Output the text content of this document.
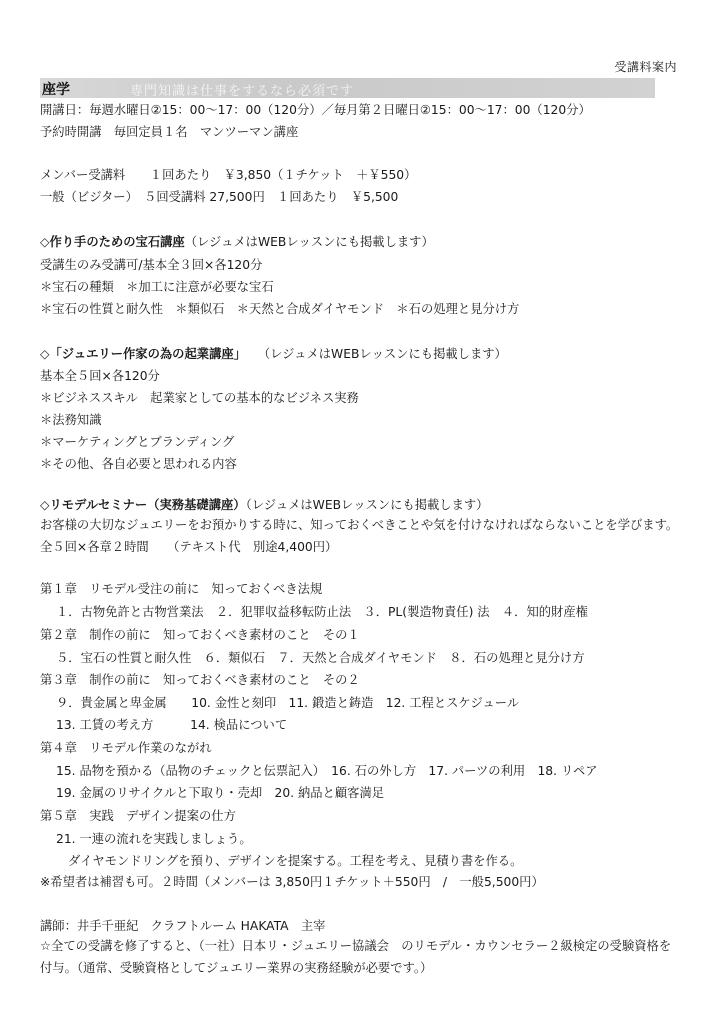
受講料案内
座学	専門知識は仕事をするなら必須です
開講日：毎週水曜日②15：00〜17：00（120分）／毎月第２日曜日②15：00〜17：00（120分）
予約時開講　毎回定員１名　マンツーマン講座
メンバー受講料　　１回あたり　￥3,850（１チケット　＋￥550）
一般（ビジター）　５回受講料 27,500円　１回あたり　￥5,500
◇作り手のための宝石講座（レジュメはWEBレッスンにも掲載します）
受講生のみ受講可/基本全３回×各120分
＊宝石の種類　＊加工に注意が必要な宝石
＊宝石の性質と耐久性　＊類似石　＊天然と合成ダイヤモンド　＊石の処理と見分け方
◇「ジュエリー作家の為の起業講座」 （レジュメはWEBレッスンにも掲載します）
基本全５回×各120分
＊ビジネススキル　起業家としての基本的なビジネス実務
＊法務知識
＊マーケティングとブランディング
＊その他、各自必要と思われる内容
◇リモデルセミナー（実務基礎講座）（レジュメはWEBレッスンにも掲載します）
お客様の大切なジュエリーをお預かりする時に、知っておくべきことや気を付けなければならないことを学びます。全５回×各章２時間　　（テキスト代　別途4,400円）
第１章　リモデル受注の前に　知っておくべき法規
１．古物免許と古物営業法　２．犯罪収益移転防止法　３．PL(製造物責任) 法　４．知的財産権
第２章　制作の前に　知っておくべき素材のこと　その１
５．宝石の性質と耐久性　６．類似石　７．天然と合成ダイヤモンド　８．石の処理と見分け方
第３章　制作の前に　知っておくべき素材のこと　その２
９．貴金属と卑金属　　10. 金性と刻印　11. 鍛造と鋳造　12. 工程とスケジュール
13. 工賃の考え方　　　14. 検品について
第４章　リモデル作業のながれ
15. 品物を預かる（品物のチェックと伝票記入）　16. 石の外し方　17. パーツの利用　18. リペア
19. 金属のリサイクルと下取り・売却　20. 納品と顧客満足
第５章　実践　デザイン提案の仕方
21. 一連の流れを実践しましょう。
ダイヤモンドリングを預り、デザインを提案する。工程を考え、見積り書を作る。
※希望者は補習も可。２時間（メンバーは 3,850円１チケット＋550円　/　一般5,500円）
講師：井手千亜紀　クラフトルーム HAKATA　主宰
☆全ての受講を修了すると、（一社）日本リ・ジュエリー協議会　のリモデル・カウンセラー２級検定の受験資格を付与。（通常、受験資格としてジュエリー業界の実務経験が必要です。）
